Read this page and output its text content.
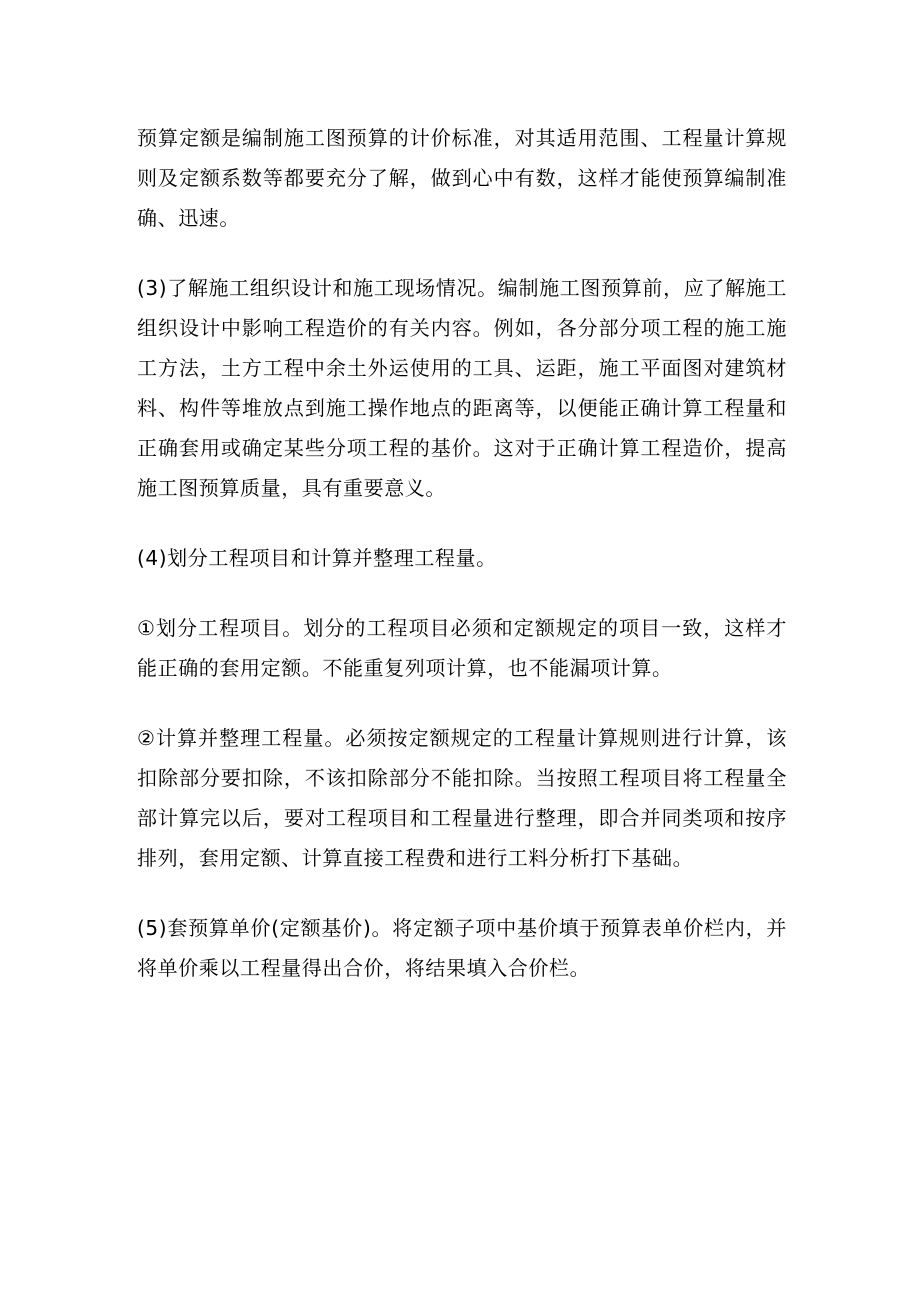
预算定额是编制施工图预算的计价标准，对其适用范围、工程量计算规则及定额系数等都要充分了解，做到心中有数，这样才能使预算编制准确、迅速。

(3)了解施工组织设计和施工现场情况。编制施工图预算前，应了解施工组织设计中影响工程造价的有关内容。例如，各分部分项工程的施工施工方法，土方工程中余土外运使用的工具、运距，施工平面图对建筑材料、构件等堆放点到施工操作地点的距离等，以便能正确计算工程量和正确套用或确定某些分项工程的基价。这对于正确计算工程造价，提高施工图预算质量，具有重要意义。

(4)划分工程项目和计算并整理工程量。

①划分工程项目。划分的工程项目必须和定额规定的项目一致，这样才能正确的套用定额。不能重复列项计算，也不能漏项计算。

②计算并整理工程量。必须按定额规定的工程量计算规则进行计算，该扣除部分要扣除，不该扣除部分不能扣除。当按照工程项目将工程量全部计算完以后，要对工程项目和工程量进行整理，即合并同类项和按序排列，套用定额、计算直接工程费和进行工料分析打下基础。

(5)套预算单价(定额基价)。将定额子项中基价填于预算表单价栏内，并将单价乘以工程量得出合价，将结果填入合价栏。
